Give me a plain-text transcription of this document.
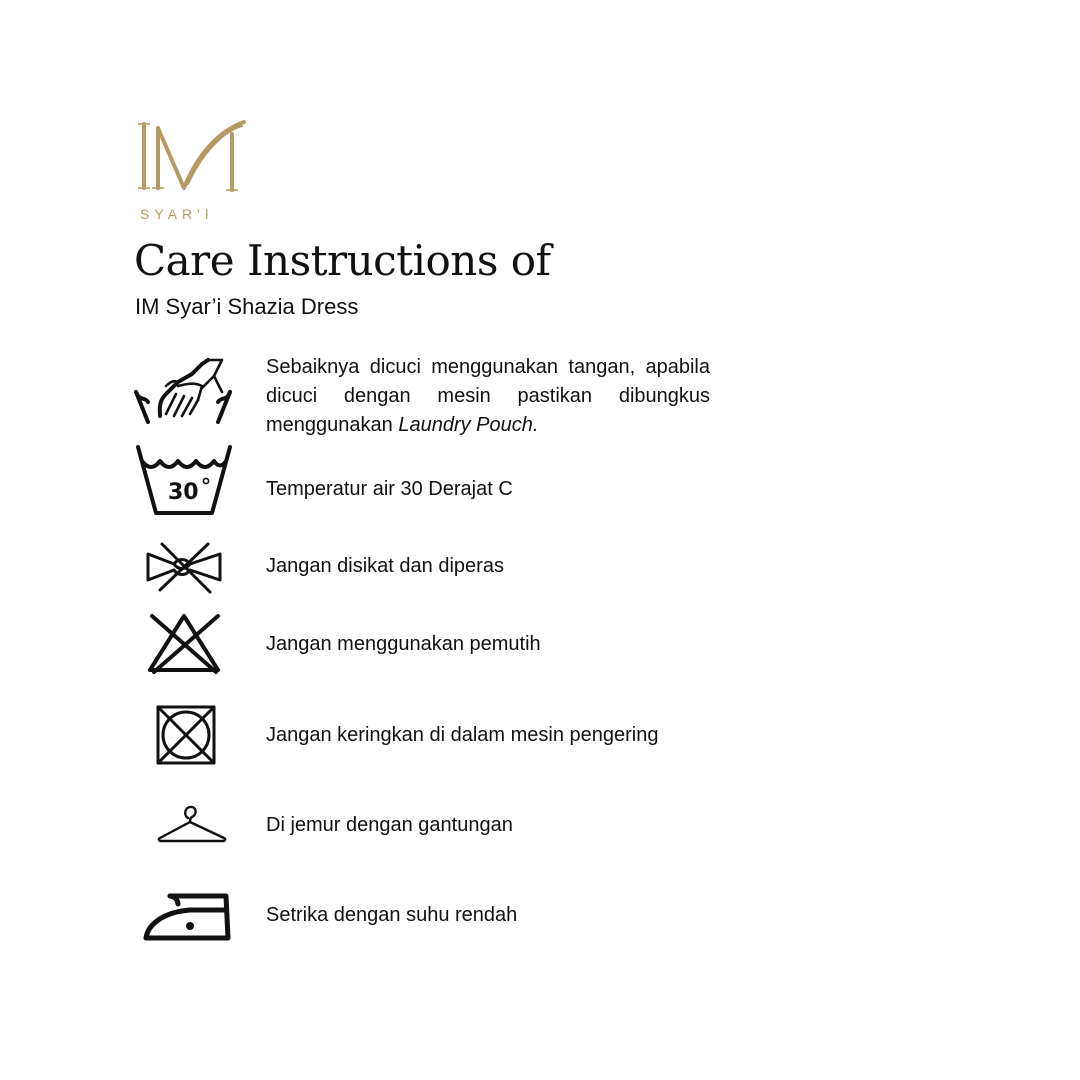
SYAR'I
Care Instructions of
IM Syar’i Shazia Dress
Sebaiknya dicuci menggunakan tangan, apabila dicuci dengan mesin pastikan dibungkus menggunakan Laundry Pouch.
30	Temperatur air 30 Derajat C
Jangan disikat dan diperas
Jangan menggunakan pemutih
Jangan keringkan di dalam mesin pengering
Di jemur dengan gantungan
Setrika dengan suhu rendah
